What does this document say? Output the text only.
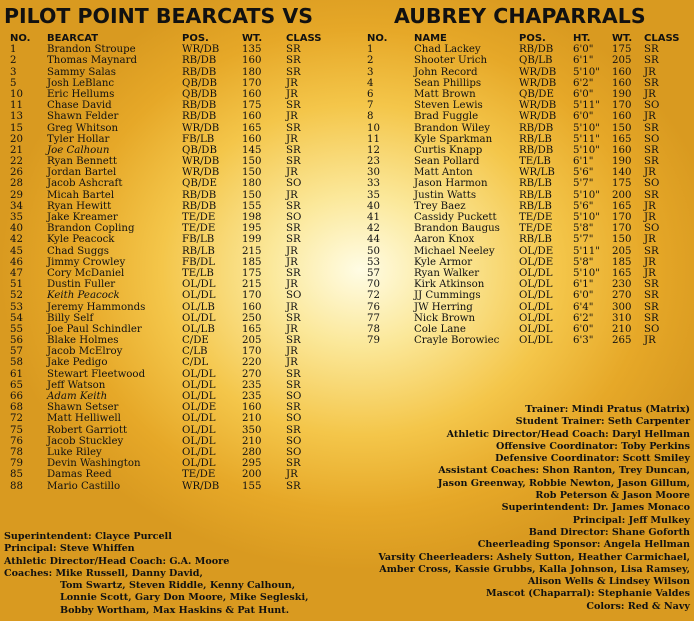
PILOT POINT BEARCATS VS	AUBREY CHAPARRALS
NO. BEARCAT	POS.	WT. CLASS
1	Brandon Stroupe	WR/DB 135 SR
2	Thomas Maynard	RB/DB	160 SR
3	Sammy Salas	RB/DB	180 SR
5	Josh LeBlanc	QB/DB 170 JR
10 Eric Hellums	QB/DB 160 JR
11 Chase David	RB/DB	175 SR
13 Shawn Felder	RB/DB	160 JR
15 Greg Whitson	WR/DB 165 SR
20 Tyler Hollar	FB/LB	160 JR
21 Joe Calhoun	QB/DB 145 SR
22 Ryan Bennett	WR/DB 150 SR
26 Jordan Bartel	WR/DB 150 JR
28 Jacob Ashcraft	QB/DE 180 SO
29 Micah Bartel	RB/DB	150 JR
34 Ryan Hewitt	RB/DB	155 SR
35 Jake Kreamer	TE/DE	198 SO
40 Brandon Copling	TE/DE	195 SR
42 Kyle Peacock	FB/LB	199 SR
45 Chad Suggs	RB/LB	215 JR
46 Jimmy Crowley	FB/DL	185 JR
47 Cory McDaniel	TE/LB	175 SR
51 Dustin Fuller	OL/DL	215 JR
52 Keith Peacock	OL/DL	170 SO
53 Jeremy Hammonds	OL/LB	160 JR
54 Billy Self	OL/DL	250 SR
55 Joe Paul Schindler	OL/LB	165 JR
56 Blake Holmes	C/DE	205 SR
57 Jacob McElroy	C/LB	170 JR
58 Jake Pedigo	C/DL	220 JR
61 Stewart Fleetwood	OL/DL	270 SR
65 Jeff Watson	OL/DL	235 SR
66 Adam Keith	OL/DL	235 SO
68 Shawn Setser	OL/DE	160 SR
72 Matt Helliwell	OL/DL	210 SO
75 Robert Garriott	OL/DL	350 SR
76 Jacob Stuckley	OL/DL	210 SO
78 Luke Riley	OL/DL	280 SO
79 Devin Washington	OL/DL	295 SR
85 Damas Reed	TE/DE	200 JR
88 Mario Castillo	WR/DB 155 SR
NO.	NAME	POS.	HT. WT. CLASS
1	Chad Lackey	RB/DB 6'0" 175 SR
2	Shooter Urich	QB/LB 6'1" 205 SR
3	John Record	WR/DB 5'10" 160 JR
4	Sean Phillips	WR/DB 6'2" 160 SR
6	Matt Brown	QB/DE 6'0" 190 JR
7	Steven Lewis	WR/DB 5'11" 170 SO
8	Brad Fuggle	WR/DB 6'0" 160 JR
10	Brandon Wiley	RB/DB 5'10" 150 SR
11	Kyle Sparkman	RB/LB 5'11" 165 SO
12	Curtis Knapp	RB/DB 5'10" 160 SR
23	Sean Pollard	TE/LB 6'1" 190 SR
30	Matt Anton	WR/LB 5'6" 140 JR
33	Jason Harmon	RB/LB 5'7" 175 SO
35	Justin Watts	RB/LB 5'10" 200 SR
40	Trey Baez	RB/LB 5'6" 165 JR
41	Cassidy Puckett TE/DE 5'10" 170 JR
42	Brandon Baugus TE/DE 5'8" 170 SO
44	Aaron Knox	RB/LB 5'7" 150 JR
50	Michael Neeley OL/DE 5'11" 205 SR
53	Kyle Armor	OL/DE 5'8" 185 JR
57	Ryan Walker	OL/DL 5'10" 165 JR
70	Kirk Atkinson	OL/DL 6'1" 230 SR
72	JJ Cummings	OL/DL 6'0" 270 SR
76	JW Herring	OL/DL 6'4" 300 SR
77	Nick Brown	OL/DL 6'2" 310 SR
78	Cole Lane	OL/DL 6'0" 210 SO
79	Crayle Borowiec OL/DL 6'3" 265 JR
Trainer: Mindi Pratus (Matrix)
Student Trainer: Seth Carpenter
Athletic Director/Head Coach: Daryl Hellman
Offensive Coordinator: Toby Perkins
Defensive Coordinator: Scott Smiley
Assistant Coaches: Shon Ranton, Trey Duncan,
Jason Greenway, Robbie Newton, Jason Gillum,
Rob Peterson & Jason Moore
Superintendent: Dr. James Monaco
Principal: Jeff Mulkey
Band Director: Shane Goforth
Cheerleading Sponsor: Angela Hellman
Varsity Cheerleaders: Ashely Sutton, Heather Carmichael,
Amber Cross, Kassie Grubbs, Kalla Johnson, Lisa Ramsey,
Alison Wells & Lindsey Wilson
Mascot (Chaparral): Stephanie Valdes
Colors: Red & Navy
Superintendent: Clayce Purcell
Principal: Steve Whiffen
Athletic Director/Head Coach: G.A. Moore
Coaches: Mike Russell, Danny David,
Tom Swartz, Steven Riddle, Kenny Calhoun,
Lonnie Scott, Gary Don Moore, Mike Segleski,
Bobby Wortham, Max Haskins & Pat Hunt.
